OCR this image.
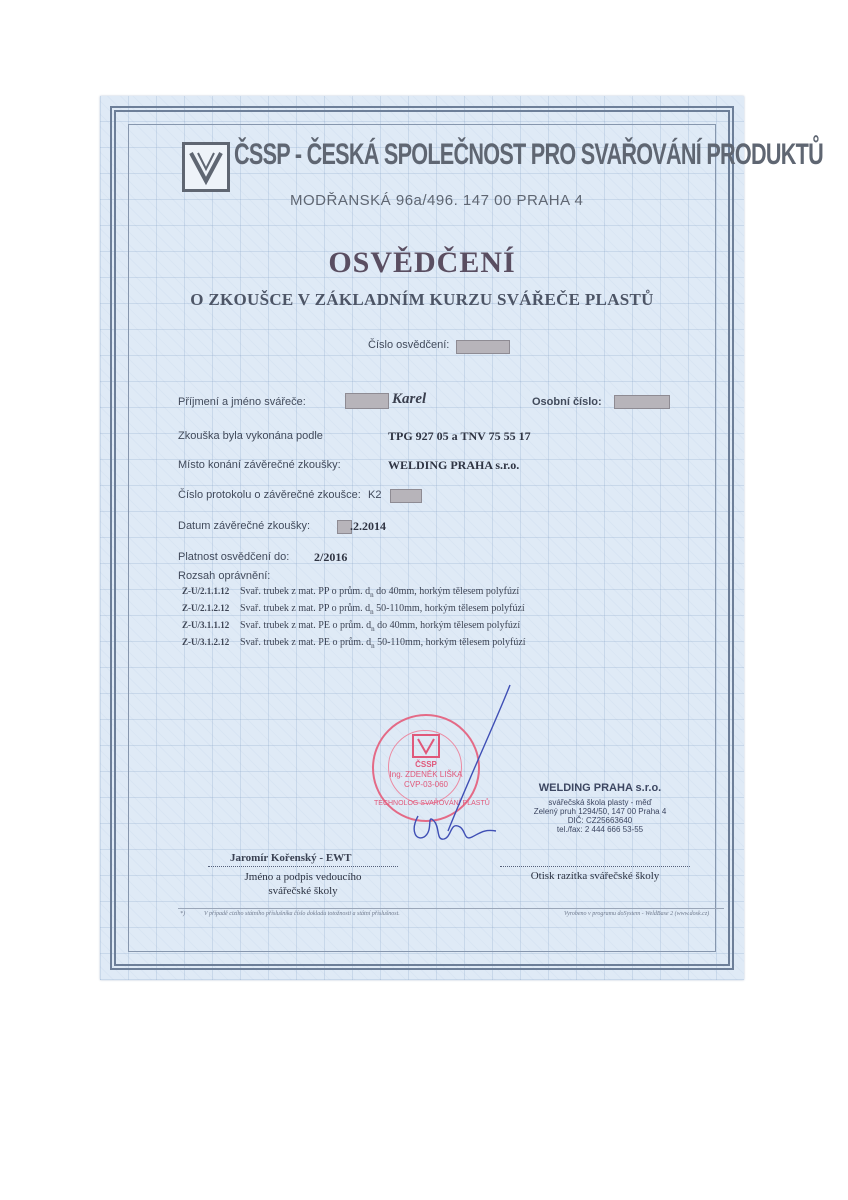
ČSSP - ČESKÁ SPOLEČNOST PRO SVAŘOVÁNÍ PRODUKTŮ
MODŘANSKÁ 96a/496. 147 00 PRAHA 4
OSVĚDČENÍ
O ZKOUŠCE V ZÁKLADNÍM KURZU SVÁŘEČE PLASTŮ
Číslo osvědčení:
Příjmení a jméno svářeče:	Karel	Osobní číslo:
Zkouška byla vykonána podle	TPG 927 05 a TNV 75 55 17
Místo konání závěrečné zkoušky:	WELDING PRAHA s.r.o.
Číslo protokolu o závěrečné zkoušce: K2
Datum závěrečné zkoušky:	.2.2014
Platnost osvědčení do: 2/2016
Rozsah oprávnění:
Z-U/2.1.1.12 Svař. trubek z mat. PP o prům. $d_n$ do 40mm, horkým tělesem polyfúzí
Z-U/2.1.2.12 Svař. trubek z mat. PP o prům. $d_n$ 50-110mm, horkým tělesem polyfúzí
Z-U/3.1.1.12 Svař. trubek z mat. PE o prům. $d_n$ do 40mm, horkým tělesem polyfúzí
Z-U/3.1.2.12 Svař. trubek z mat. PE o prům. $d_n$ 50-110mm, horkým tělesem polyfúzí
ČSSP
Ing. ZDENĚK LIŠKA
CVP-03-060
TECHNOLOG SVAŘOVÁNÍ PLASTŮ
WELDING PRAHA s.r.o.
svářečská škola plasty - měď
Zelený pruh 1294/50, 147 00 Praha 4
DIČ: CZ25663640
tel./fax: 2 444 666 53-55
Jaromír Kořenský - EWT
Jméno a podpis vedoucího
svářečské školy
Otisk razítka svářečské školy
*)	V případě cizího státního příslušníka číslo dokladu totožnosti a státní příslušnost.	Vyrobeno v programu doSystem - WeldBase 2 (www.dosk.cz)
